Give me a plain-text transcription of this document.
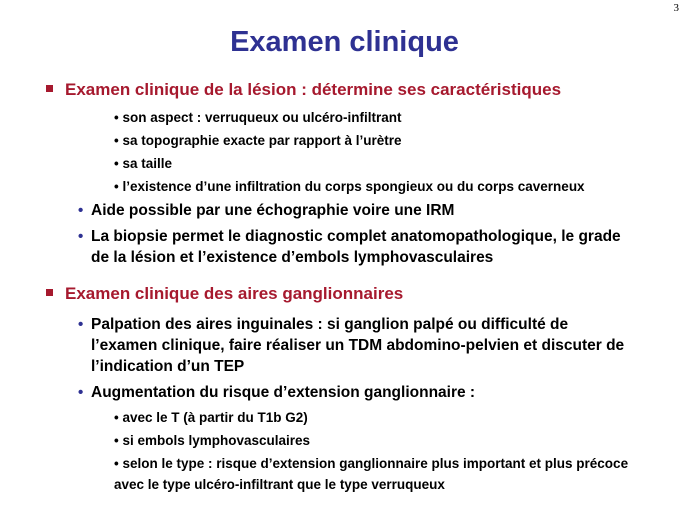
3
Examen clinique
Examen clinique de la lésion : détermine ses caractéristiques
• son aspect : verruqueux ou ulcéro-infiltrant
• sa topographie exacte par rapport à l’urètre
• sa taille
• l’existence d’une infiltration du corps spongieux ou du corps caverneux
• Aide possible par une échographie voire une IRM
• La biopsie permet le diagnostic complet anatomopathologique, le grade de la lésion et l’existence d’embols lymphovasculaires
Examen clinique des aires ganglionnaires
• Palpation des aires inguinales : si ganglion palpé ou difficulté de l’examen clinique, faire réaliser un TDM abdomino-pelvien et discuter de l’indication d’un TEP
• Augmentation du risque d’extension ganglionnaire :
• avec le T (à partir du T1b G2)
• si embols lymphovasculaires
• selon le type : risque d’extension ganglionnaire plus important et plus précoce avec le type ulcéro-infiltrant que le type verruqueux
